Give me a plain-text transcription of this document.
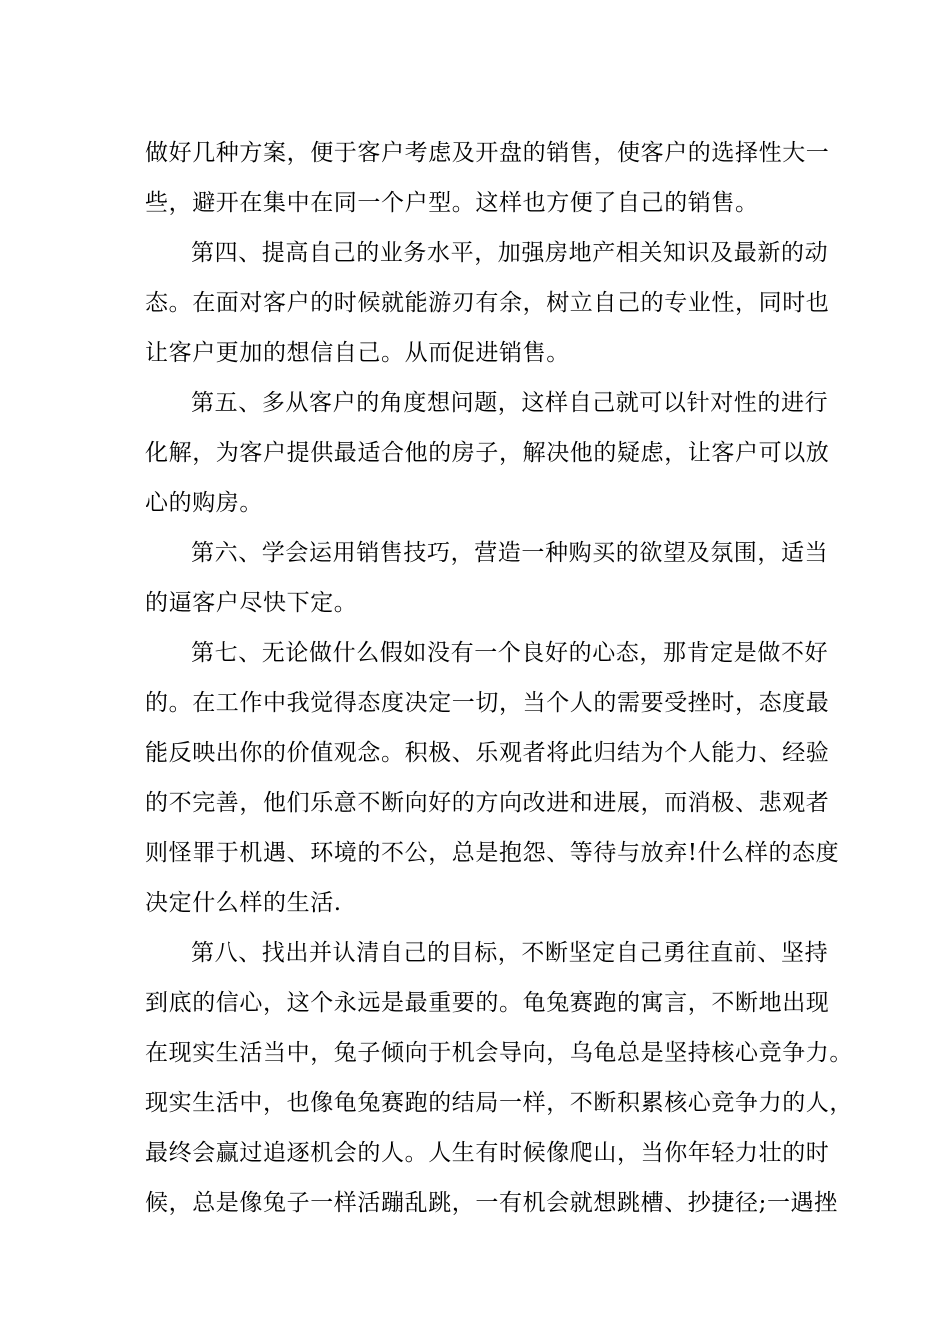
做好几种方案，便于客户考虑及开盘的销售，使客户的选择性大一
些，避开在集中在同一个户型。这样也方便了自己的销售。
第四、提高自己的业务水平，加强房地产相关知识及最新的动
态。在面对客户的时候就能游刃有余，树立自己的专业性，同时也
让客户更加的想信自己。从而促进销售。
第五、多从客户的角度想问题，这样自己就可以针对性的进行
化解，为客户提供最适合他的房子，解决他的疑虑，让客户可以放
心的购房。
第六、学会运用销售技巧，营造一种购买的欲望及氛围，适当
的逼客户尽快下定。
第七、无论做什么假如没有一个良好的心态，那肯定是做不好
的。在工作中我觉得态度决定一切，当个人的需要受挫时，态度最
能反映出你的价值观念。积极、乐观者将此归结为个人能力、经验
的不完善，他们乐意不断向好的方向改进和进展，而消极、悲观者
则怪罪于机遇、环境的不公，总是抱怨、等待与放弃!什么样的态度
决定什么样的生活.
第八、找出并认清自己的目标，不断坚定自己勇往直前、坚持
到底的信心，这个永远是最重要的。龟兔赛跑的寓言，不断地出现
在现实生活当中，兔子倾向于机会导向，乌龟总是坚持核心竞争力。
现实生活中，也像龟兔赛跑的结局一样，不断积累核心竞争力的人，
最终会赢过追逐机会的人。人生有时候像爬山，当你年轻力壮的时
候，总是像兔子一样活蹦乱跳，一有机会就想跳槽、抄捷径;一遇挫
